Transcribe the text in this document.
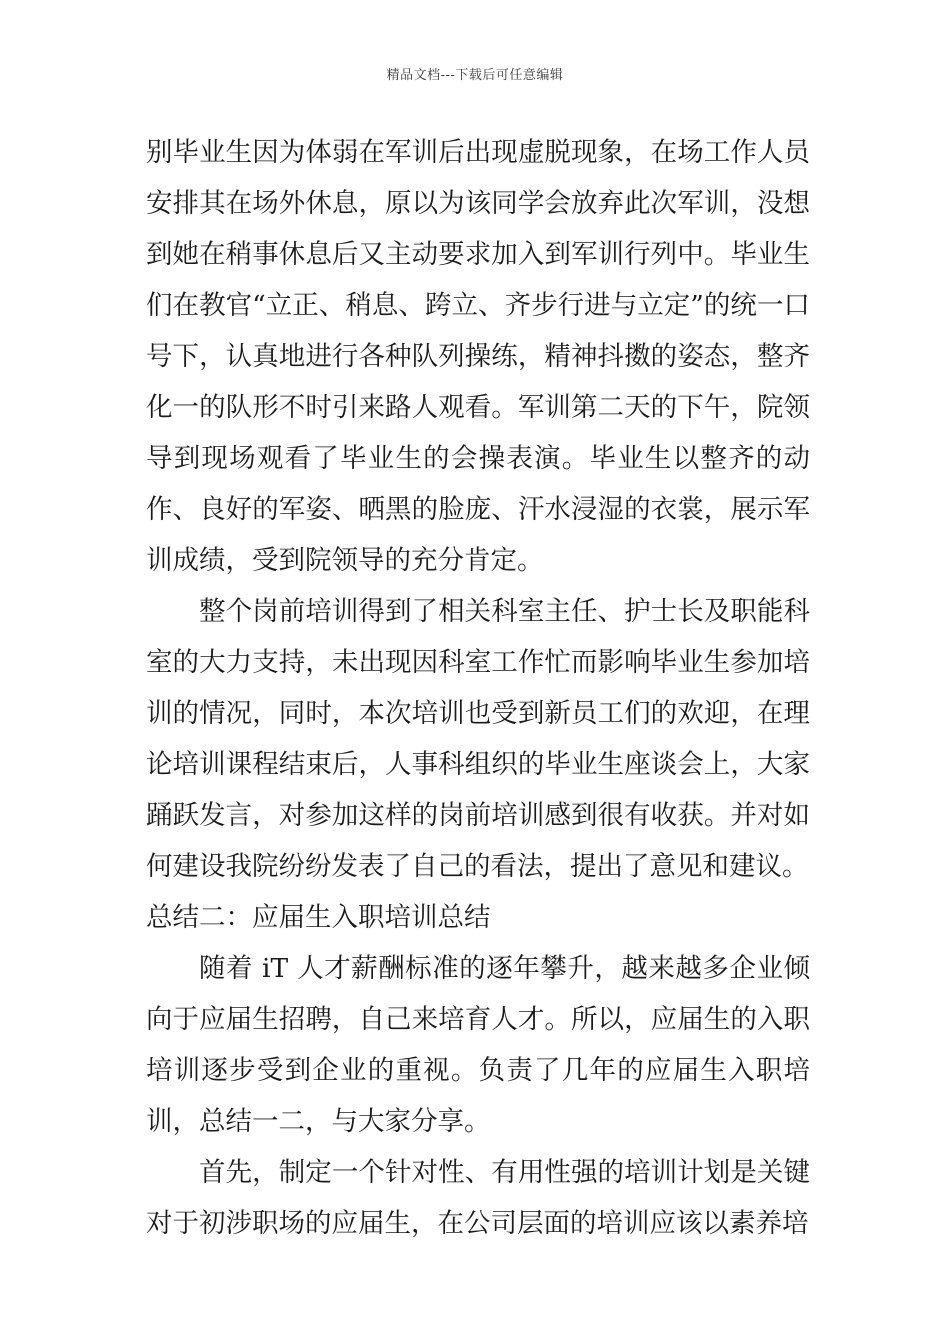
精品文档---下载后可任意编辑

别毕业生因为体弱在军训后出现虚脱现象，在场工作人员安排其在场外休息，原以为该同学会放弃此次军训，没想到她在稍事休息后又主动要求加入到军训行列中。毕业生们在教官“立正、稍息、跨立、齐步行进与立定”的统一口号下，认真地进行各种队列操练，精神抖擞的姿态，整齐化一的队形不时引来路人观看。军训第二天的下午，院领导到现场观看了毕业生的会操表演。毕业生以整齐的动作、良好的军姿、晒黑的脸庞、汗水浸湿的衣裳，展示军训成绩，受到院领导的充分肯定。

整个岗前培训得到了相关科室主任、护士长及职能科室的大力支持，未出现因科室工作忙而影响毕业生参加培训的情况，同时，本次培训也受到新员工们的欢迎，在理论培训课程结束后，人事科组织的毕业生座谈会上，大家踊跃发言，对参加这样的岗前培训感到很有收获。并对如何建设我院纷纷发表了自己的看法，提出了意见和建议。

总结二：应届生入职培训总结

随着 iT 人才薪酬标准的逐年攀升，越来越多企业倾向于应届生招聘，自己来培育人才。所以，应届生的入职培训逐步受到企业的重视。负责了几年的应届生入职培训，总结一二，与大家分享。

首先，制定一个针对性、有用性强的培训计划是关键对于初涉职场的应届生，在公司层面的培训应该以素养培
